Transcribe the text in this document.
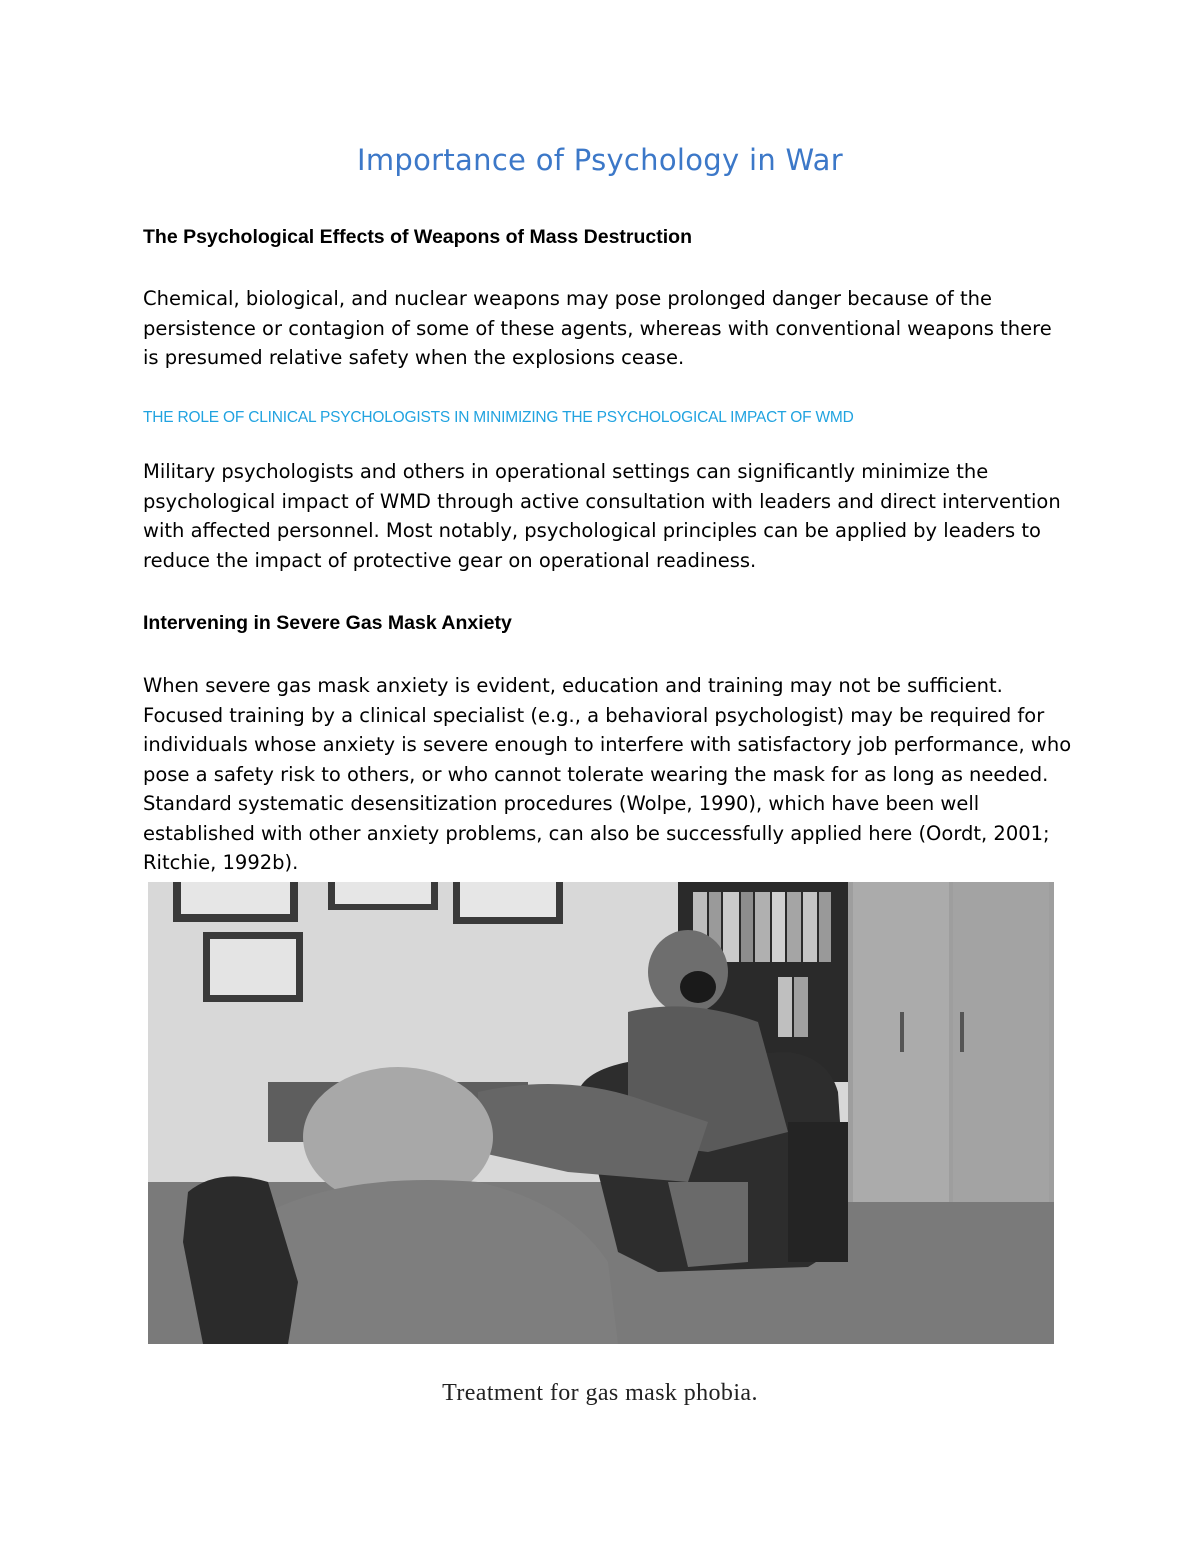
Importance of Psychology in War
The Psychological Effects of Weapons of Mass Destruction

Chemical, biological, and nuclear weapons may pose prolonged danger because of the persistence or contagion of some of these agents, whereas with conventional weapons there is presumed relative safety when the explosions cease.

THE ROLE OF CLINICAL PSYCHOLOGISTS IN MINIMIZING THE PSYCHOLOGICAL IMPACT OF WMD

Military psychologists and others in operational settings can significantly minimize the psychological impact of WMD through active consultation with leaders and direct intervention with affected personnel. Most notably, psychological principles can be applied by leaders to reduce the impact of protective gear on operational readiness.

Intervening in Severe Gas Mask Anxiety

When severe gas mask anxiety is evident, education and training may not be sufficient. Focused training by a clinical specialist (e.g., a behavioral psychologist) may be required for individuals whose anxiety is severe enough to interfere with satisfactory job performance, who pose a safety risk to others, or who cannot tolerate wearing the mask for as long as needed. Standard systematic desensitization procedures (Wolpe, 1990), which have been well established with other anxiety problems, can also be successfully applied here (Oordt, 2001; Ritchie, 1992b).

Treatment for gas mask phobia.
